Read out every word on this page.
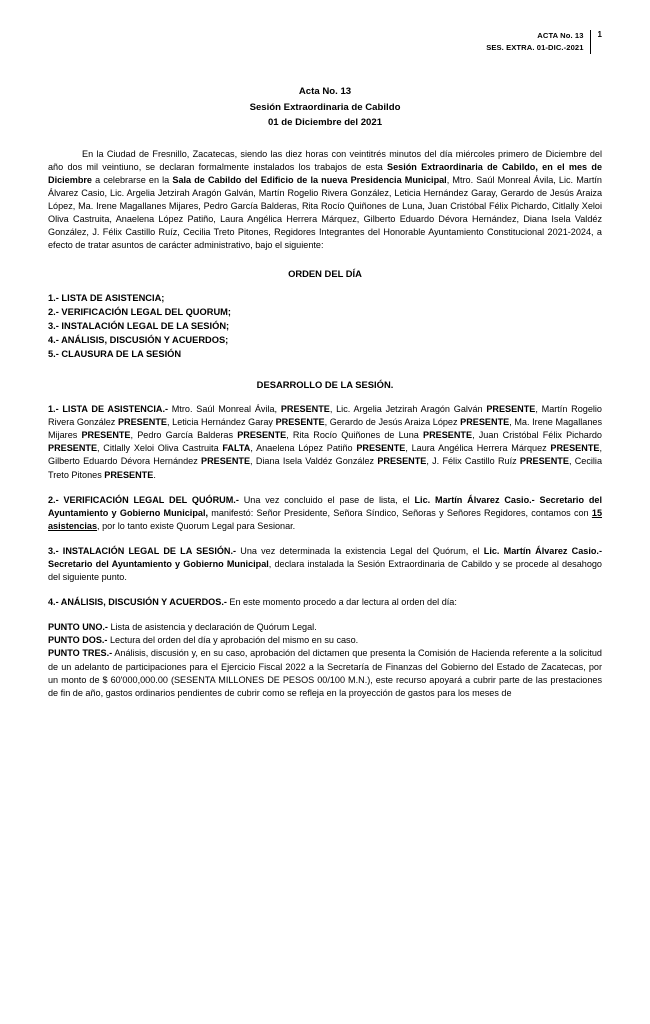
ACTA No. 13
SES. EXTRA. 01-DIC.-2021
1
Acta No. 13
Sesión Extraordinaria de Cabildo
01 de Diciembre del 2021

En la Ciudad de Fresnillo, Zacatecas, siendo las diez horas con veintitrés minutos del día miércoles primero de Diciembre del año dos mil veintiuno, se declaran formalmente instalados los trabajos de esta Sesión Extraordinaria de Cabildo, en el mes de Diciembre a celebrarse en la Sala de Cabildo del Edificio de la nueva Presidencia Municipal, Mtro. Saúl Monreal Ávila, Lic. Martín Álvarez Casio, Lic. Argelia Jetzirah Aragón Galván, Martín Rogelio Rivera González, Leticia Hernández Garay, Gerardo de Jesús Araiza López, Ma. Irene Magallanes Mijares, Pedro García Balderas, Rita Rocío Quiñones de Luna, Juan Cristóbal Félix Pichardo, Citlally Xeloi Oliva Castruita, Anaelena López Patiño, Laura Angélica Herrera Márquez, Gilberto Eduardo Dévora Hernández, Diana Isela Valdéz González, J. Félix Castillo Ruíz, Cecilia Treto Pitones, Regidores Integrantes del Honorable Ayuntamiento Constitucional 2021-2024, a efecto de tratar asuntos de carácter administrativo, bajo el siguiente:

ORDEN DEL DÍA
1.- LISTA DE ASISTENCIA;
2.- VERIFICACIÓN LEGAL DEL QUORUM;
3.- INSTALACIÓN LEGAL DE LA SESIÓN;
4.- ANÁLISIS, DISCUSIÓN Y ACUERDOS;
5.- CLAUSURA DE LA SESIÓN
DESARROLLO DE LA SESIÓN.

1.- LISTA DE ASISTENCIA.- Mtro. Saúl Monreal Ávila, PRESENTE, Lic. Argelia Jetzirah Aragón Galván PRESENTE, Martín Rogelio Rivera González PRESENTE, Leticia Hernández Garay PRESENTE, Gerardo de Jesús Araiza López PRESENTE, Ma. Irene Magallanes Mijares PRESENTE, Pedro García Balderas PRESENTE, Rita Rocío Quiñones de Luna PRESENTE, Juan Cristóbal Félix Pichardo PRESENTE, Citlally Xeloi Oliva Castruita FALTA, Anaelena López Patiño PRESENTE, Laura Angélica Herrera Márquez PRESENTE, Gilberto Eduardo Dévora Hernández PRESENTE, Diana Isela Valdéz González PRESENTE, J. Félix Castillo Ruíz PRESENTE, Cecilia Treto Pitones PRESENTE.

2.- VERIFICACIÓN LEGAL DEL QUÓRUM.- Una vez concluido el pase de lista, el Lic. Martín Álvarez Casio.- Secretario del Ayuntamiento y Gobierno Municipal, manifestó: Señor Presidente, Señora Síndico, Señoras y Señores Regidores, contamos con 15 asistencias, por lo tanto existe Quorum Legal para Sesionar.

3.- INSTALACIÓN LEGAL DE LA SESIÓN.- Una vez determinada la existencia Legal del Quórum, el Lic. Martín Álvarez Casio.- Secretario del Ayuntamiento y Gobierno Municipal, declara instalada la Sesión Extraordinaria de Cabildo y se procede al desahogo del siguiente punto.

4.- ANÁLISIS, DISCUSIÓN Y ACUERDOS.- En este momento procedo a dar lectura al orden del día:

PUNTO UNO.- Lista de asistencia y declaración de Quórum Legal.

PUNTO DOS.- Lectura del orden del día y aprobación del mismo en su caso.

PUNTO TRES.- Análisis, discusión y, en su caso, aprobación del dictamen que presenta la Comisión de Hacienda referente a la solicitud de un adelanto de participaciones para el Ejercicio Fiscal 2022 a la Secretaría de Finanzas del Gobierno del Estado de Zacatecas, por un monto de $ 60'000,000.00 (SESENTA MILLONES DE PESOS 00/100 M.N.), este recurso apoyará a cubrir parte de las prestaciones de fin de año, gastos ordinarios pendientes de cubrir como se refleja en la proyección de gastos para los meses de
